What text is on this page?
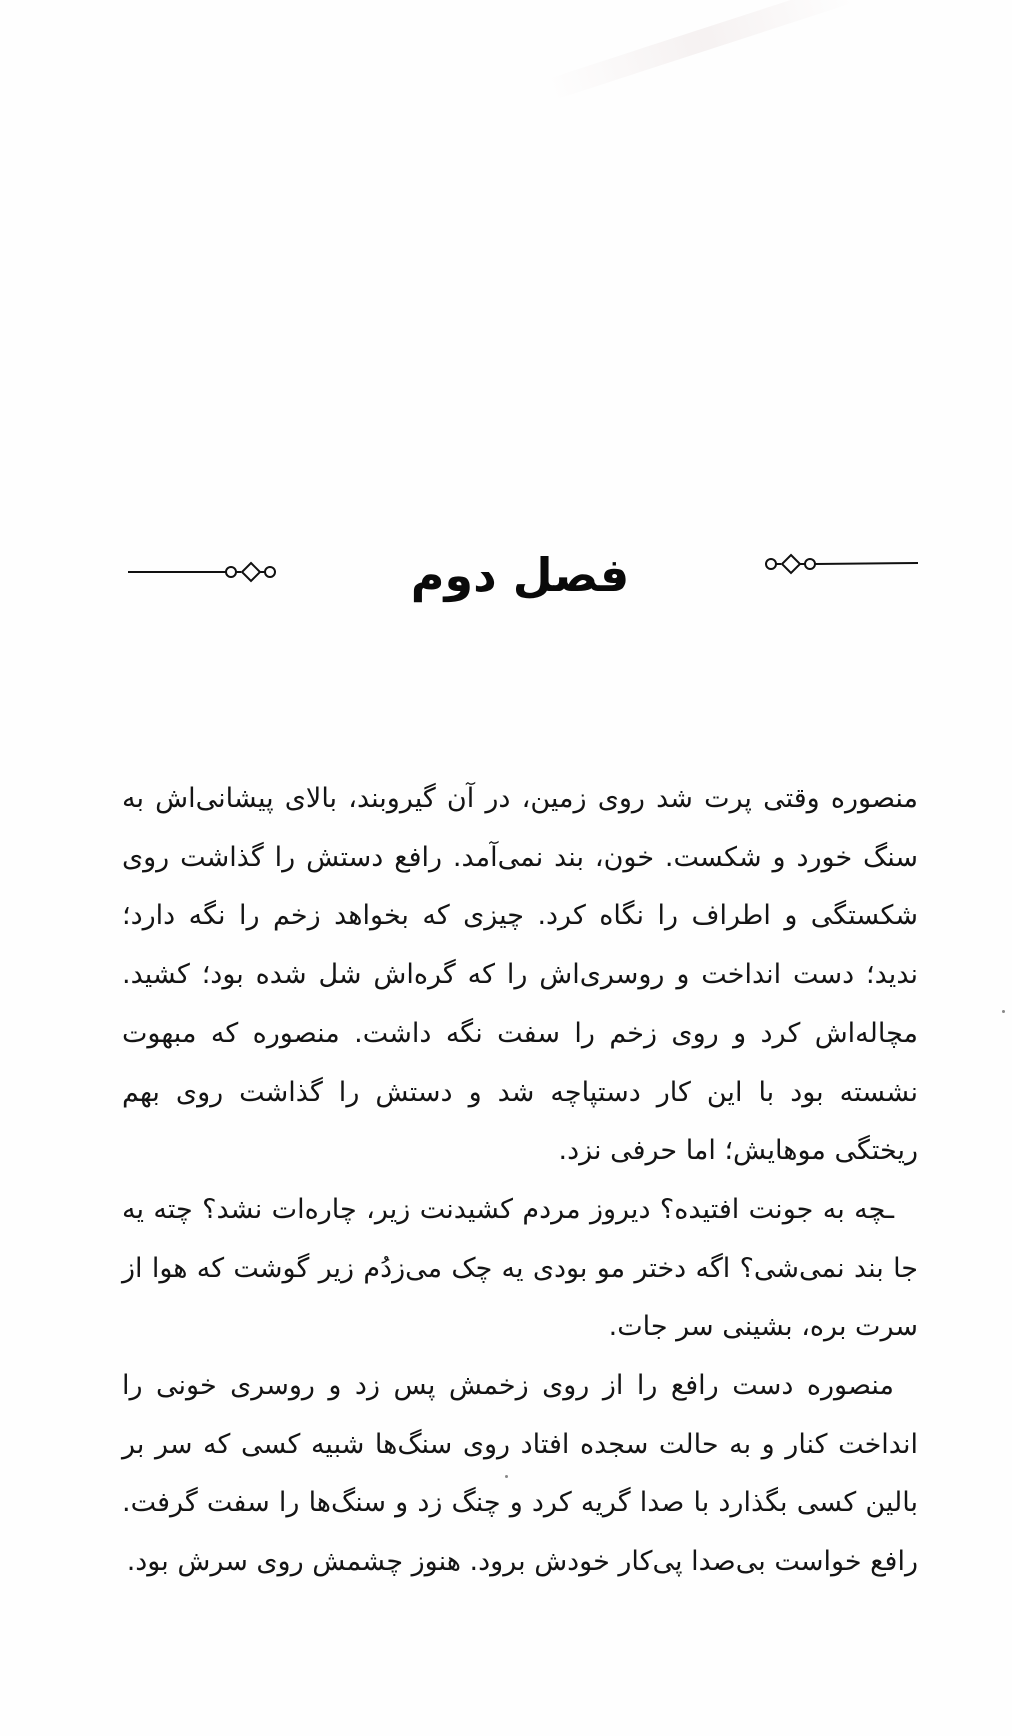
فصل دوم

منصوره وقتی پرت شد روی زمین، در آن گیروبند، بالای پیشانی‌اش به سنگ خورد و شکست. خون، بند نمی‌آمد. رافع دستش را گذاشت روی شکستگی و اطراف را نگاه کرد. چیزی که بخواهد زخم را نگه دارد؛ ندید؛ دست انداخت و روسری‌اش را که گره‌اش شل شده بود؛ کشید. مچاله‌اش کرد و روی زخم را سفت نگه داشت. منصوره که مبهوت نشسته بود با این کار دستپاچه شد و دستش را گذاشت روی بهم ریختگی موهایش؛ اما حرفی نزد.

ـچه به جونت افتیده؟ دیروز مردم کشیدنت زیر، چاره‌ات نشد؟ چته یه جا بند نمی‌شی؟ اگه دختر مو بودی یه چک می‌زدُم زیر گوشت که هوا از سرت بره، بشینی سر جات.

منصوره دست رافع را از روی زخمش پس زد و روسری خونی را انداخت کنار و به حالت سجده افتاد روی سنگ‌ها شبیه کسی که سر بر بالین کسی بگذارد با صدا گریه کرد و چنگ زد و سنگ‌ها را سفت گرفت. رافع خواست بی‌صدا پی‌کار خودش برود. هنوز چشمش روی سرش بود.
